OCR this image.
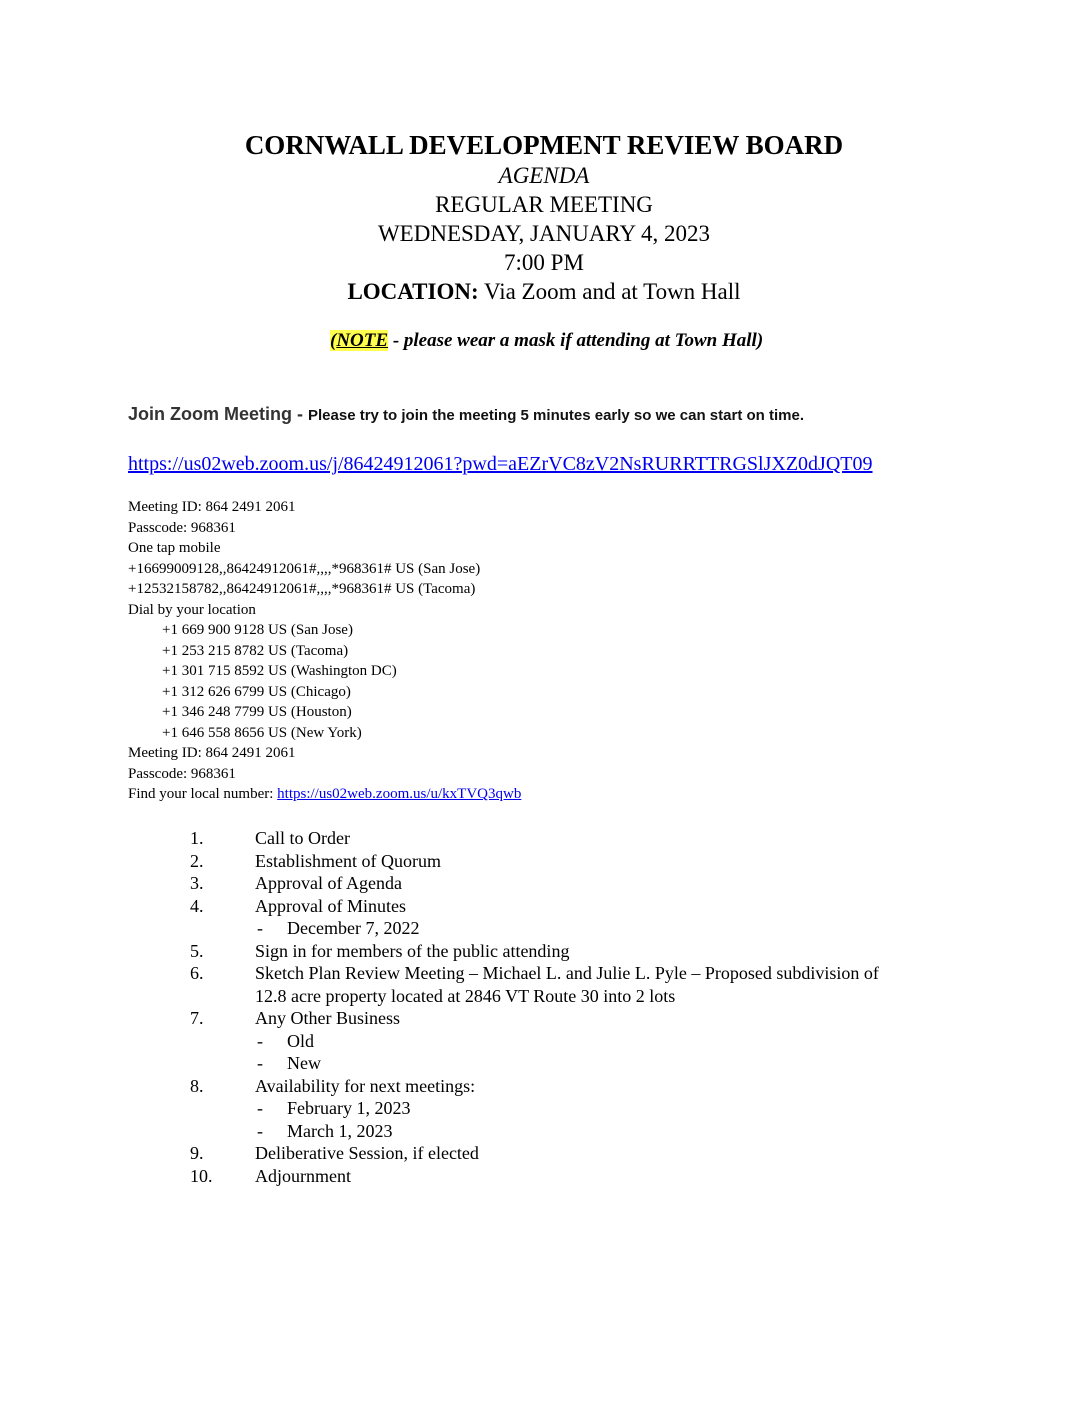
CORNWALL DEVELOPMENT REVIEW BOARD
AGENDA
REGULAR MEETING
WEDNESDAY, JANUARY 4, 2023
7:00 PM
LOCATION: Via Zoom and at Town Hall
(NOTE - please wear a mask if attending at Town Hall)
Join Zoom Meeting - Please try to join the meeting 5 minutes early so we can start on time.
https://us02web.zoom.us/j/86424912061?pwd=aEZrVC8zV2NsRURRTTRGSlJXZ0dJQT09
Meeting ID: 864 2491 2061
Passcode: 968361
One tap mobile
+16699009128,,86424912061#,,,,*968361# US (San Jose)
+12532158782,,86424912061#,,,,*968361# US (Tacoma)
Dial by your location
+1 669 900 9128 US (San Jose)
+1 253 215 8782 US (Tacoma)
+1 301 715 8592 US (Washington DC)
+1 312 626 6799 US (Chicago)
+1 346 248 7799 US (Houston)
+1 646 558 8656 US (New York)
Meeting ID: 864 2491 2061
Passcode: 968361
Find your local number: https://us02web.zoom.us/u/kxTVQ3qwb
1.	Call to Order
2.	Establishment of Quorum
3.	Approval of Agenda
4.	Approval of Minutes
- December 7, 2022
5.	Sign in for members of the public attending
6.	Sketch Plan Review Meeting – Michael L. and Julie L. Pyle – Proposed subdivision of
12.8 acre property located at 2846 VT Route 30 into 2 lots
7.	Any Other Business
- Old
- New
8.	Availability for next meetings:
- February 1, 2023
- March 1, 2023
9.	Deliberative Session, if elected
10.	Adjournment
